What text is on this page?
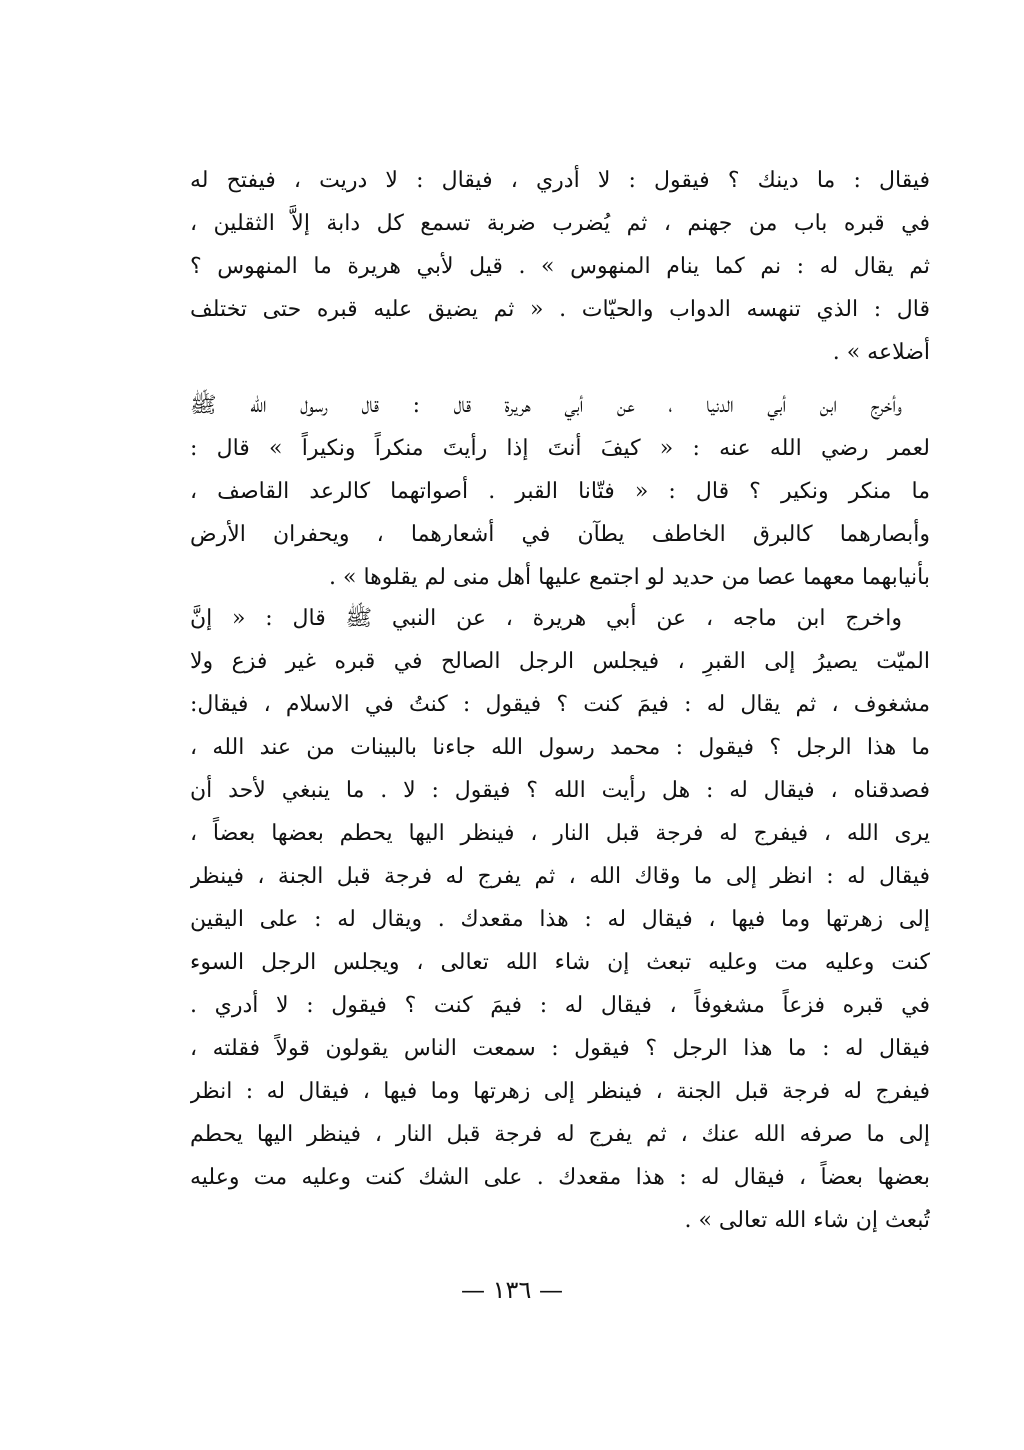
فيقال : ما دينك ؟ فيقول : لا أدري ، فيقال : لا دريت ، فيفتح له
في قبره باب من جهنم ، ثم يُضرب ضربة تسمع كل دابة إلاَّ الثقلين ،
ثم يقال له : نم كما ينام المنهوس » . قيل لأبي هريرة ما المنهوس ؟
قال : الذي تنهسه الدواب والحيّات . « ثم يضيق عليه قبره حتى تختلف
أضلاعه » .
وأخرج ابن أبي الدنيا ، عن أبي هريرة قال : قال رسول الله ﷺ
لعمر رضي الله عنه : « كيفَ أنتَ إذا رأيتَ منكراً ونكيراً » قال :
ما منكر ونكير ؟ قال : « فتّانا القبر . أصواتهما كالرعد القاصف ،
وأبصارهما كالبرق الخاطف يطآن في أشعارهما ، ويحفران الأرض
بأنيابهما معهما عصا من حديد لو اجتمع عليها أهل منى لم يقلوها » .
واخرج ابن ماجه ، عن أبي هريرة ، عن النبي ﷺ قال : « إنَّ
الميّت يصيرُ إلى القبرِ ، فيجلس الرجل الصالح في قبره غير فزع ولا
مشغوف ، ثم يقال له : فيمَ كنت ؟ فيقول : كنتُ في الاسلام ، فيقال:
ما هذا الرجل ؟ فيقول : محمد رسول الله جاءنا بالبينات من عند الله ،
فصدقناه ، فيقال له : هل رأيت الله ؟ فيقول : لا . ما ينبغي لأحد أن
يرى الله ، فيفرج له فرجة قبل النار ، فينظر اليها يحطم بعضها بعضاً ،
فيقال له : انظر إلى ما وقاك الله ، ثم يفرج له فرجة قبل الجنة ، فينظر
إلى زهرتها وما فيها ، فيقال له : هذا مقعدك . ويقال له : على اليقين
كنت وعليه مت وعليه تبعث إن شاء الله تعالى ، ويجلس الرجل السوء
في قبره فزعاً مشغوفاً ، فيقال له : فيمَ كنت ؟ فيقول : لا أدري .
فيقال له : ما هذا الرجل ؟ فيقول : سمعت الناس يقولون قولاً فقلته ،
فيفرج له فرجة قبل الجنة ، فينظر إلى زهرتها وما فيها ، فيقال له : انظر
إلى ما صرفه الله عنك ، ثم يفرج له فرجة قبل النار ، فينظر اليها يحطم
بعضها بعضاً ، فيقال له : هذا مقعدك . على الشك كنت وعليه مت وعليه
تُبعث إن شاء الله تعالى » .
— ١٣٦ —
